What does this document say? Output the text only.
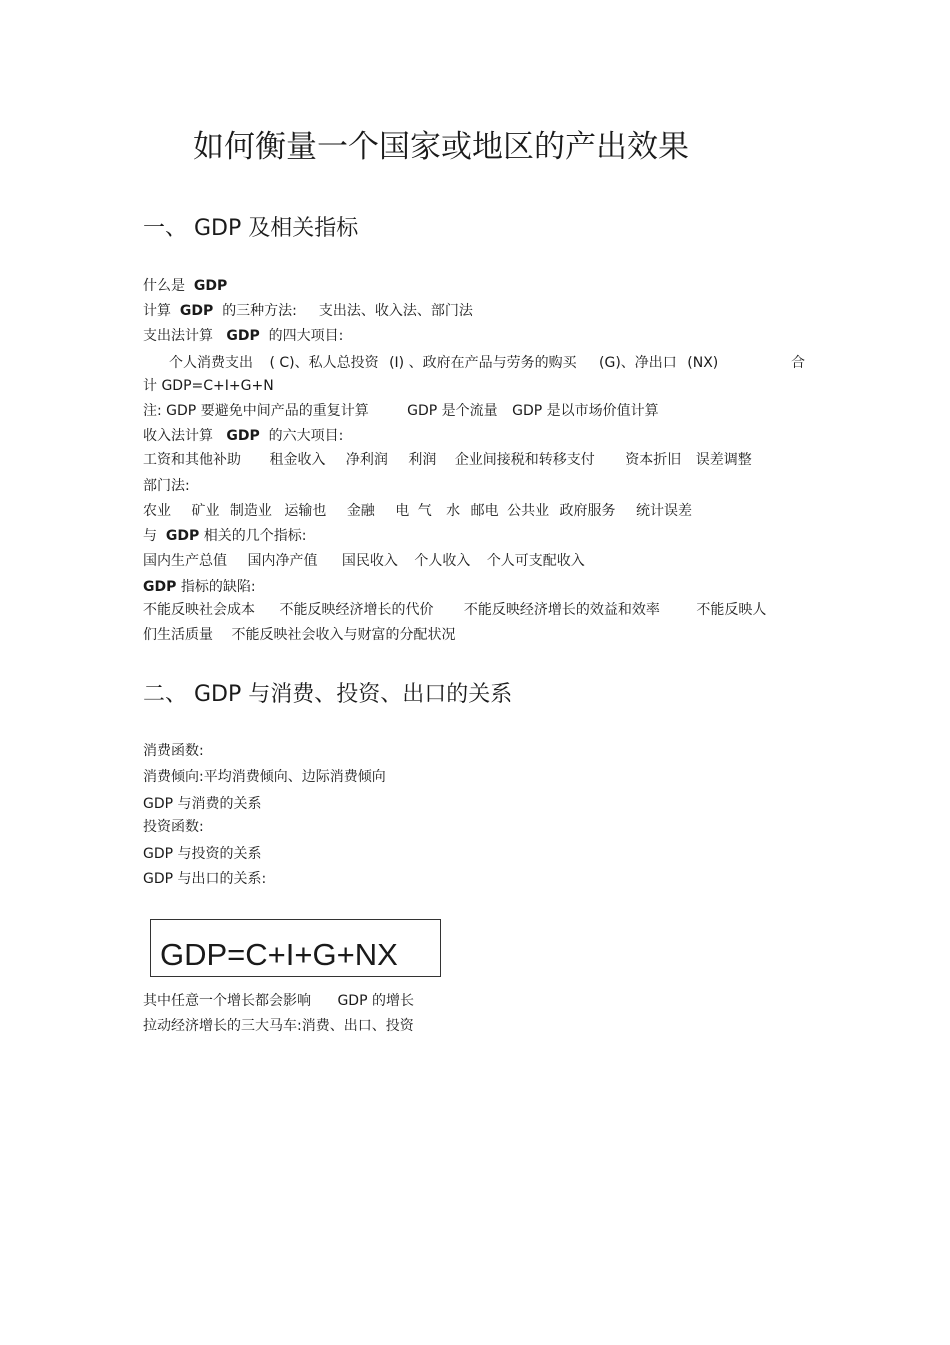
如何衡量一个国家或地区的产出效果
一、 GDP 及相关指标
什么是 GDP
计算 GDP 的三种方法: 支出法、收入法、部门法
支出法计算 GDP 的四大项目:
个人消费支出 ( C)、私人总投资 (I) 、政府在产品与劳务的购买 (G)、净出口 (NX)	合
计 GDP=C+I+G+N
注: GDP 要避免中间产品的重复计算	GDP 是个流量 GDP 是以市场价值计算
收入法计算 GDP 的六大项目:
工资和其他补助 租金收入 净利润 利润 企业间接税和转移支付 资本折旧 误差调整
部门法:
农业 矿业 制造业 运输也 金融 电 气 水 邮电 公共业 政府服务 统计误差
与 GDP 相关的几个指标:
国内生产总值 国内净产值 国民收入 个人收入 个人可支配收入
GDP 指标的缺陷:
不能反映社会成本 不能反映经济增长的代价 不能反映经济增长的效益和效率	不能反映人
们生活质量 不能反映社会收入与财富的分配状况
二、 GDP 与消费、投资、出口的关系
消费函数:
消费倾向:平均消费倾向、边际消费倾向
GDP 与消费的关系
投资函数:
GDP 与投资的关系
GDP 与出口的关系:
GDP=C+I+G+NX
其中任意一个增长都会影响 GDP 的增长
拉动经济增长的三大马车:消费、出口、投资
